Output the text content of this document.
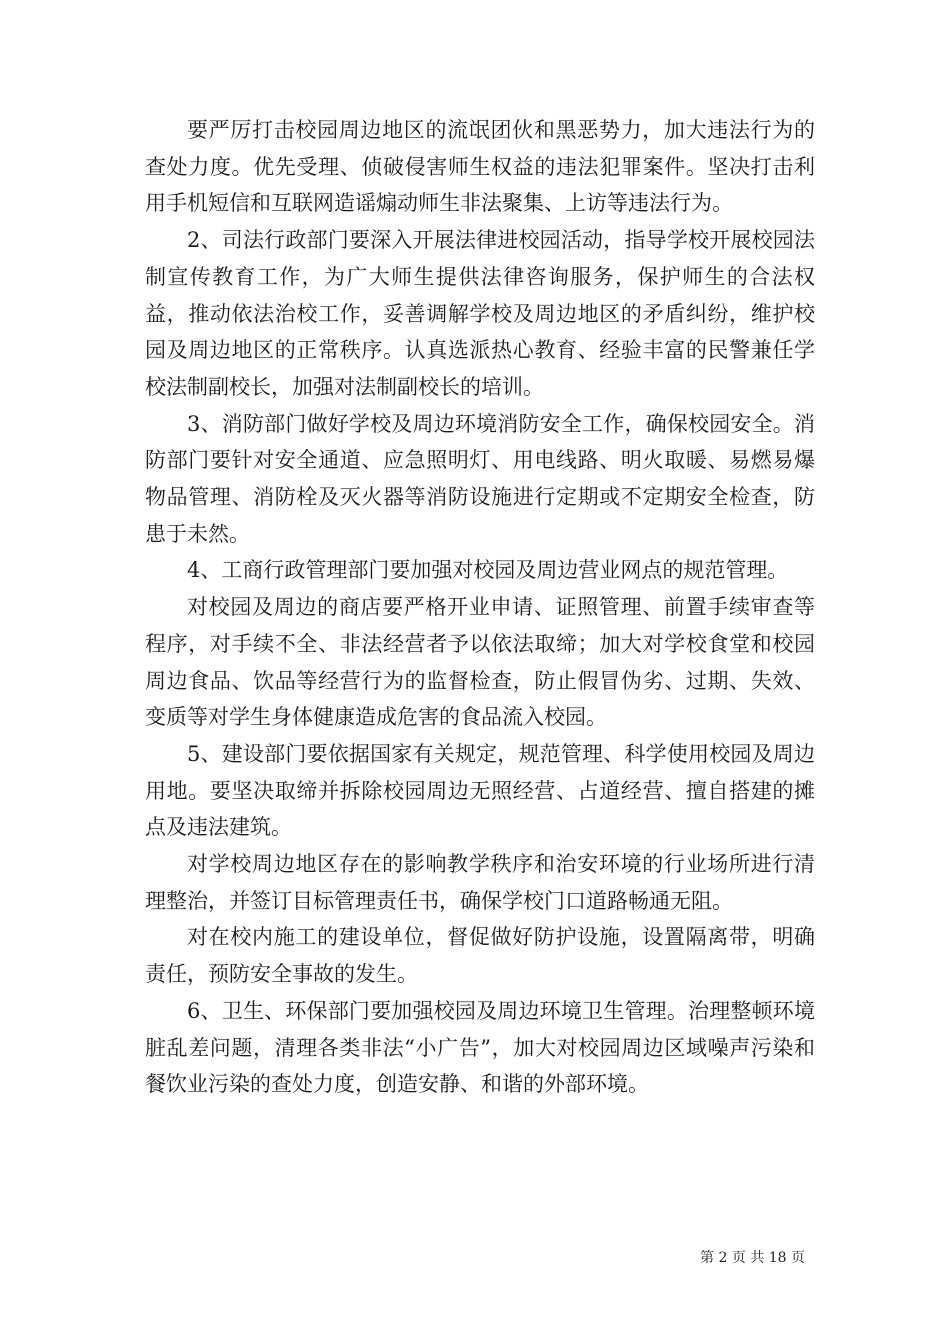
要严厉打击校园周边地区的流氓团伙和黑恶势力，加大违法行为的查处力度。优先受理、侦破侵害师生权益的违法犯罪案件。坚决打击利用手机短信和互联网造谣煽动师生非法聚集、上访等违法行为。

2、司法行政部门要深入开展法律进校园活动，指导学校开展校园法制宣传教育工作，为广大师生提供法律咨询服务，保护师生的合法权益，推动依法治校工作，妥善调解学校及周边地区的矛盾纠纷，维护校园及周边地区的正常秩序。认真选派热心教育、经验丰富的民警兼任学校法制副校长，加强对法制副校长的培训。

3、消防部门做好学校及周边环境消防安全工作，确保校园安全。消防部门要针对安全通道、应急照明灯、用电线路、明火取暖、易燃易爆物品管理、消防栓及灭火器等消防设施进行定期或不定期安全检查，防患于未然。

4、工商行政管理部门要加强对校园及周边营业网点的规范管理。

对校园及周边的商店要严格开业申请、证照管理、前置手续审查等程序，对手续不全、非法经营者予以依法取缔；加大对学校食堂和校园周边食品、饮品等经营行为的监督检查，防止假冒伪劣、过期、失效、变质等对学生身体健康造成危害的食品流入校园。

5、建设部门要依据国家有关规定，规范管理、科学使用校园及周边用地。要坚决取缔并拆除校园周边无照经营、占道经营、擅自搭建的摊点及违法建筑。

对学校周边地区存在的影响教学秩序和治安环境的行业场所进行清理整治，并签订目标管理责任书，确保学校门口道路畅通无阻。

对在校内施工的建设单位，督促做好防护设施，设置隔离带，明确责任，预防安全事故的发生。

6、卫生、环保部门要加强校园及周边环境卫生管理。治理整顿环境脏乱差问题，清理各类非法“小广告”，加大对校园周边区域噪声污染和餐饮业污染的查处力度，创造安静、和谐的外部环境。

第 2 页 共 18 页
